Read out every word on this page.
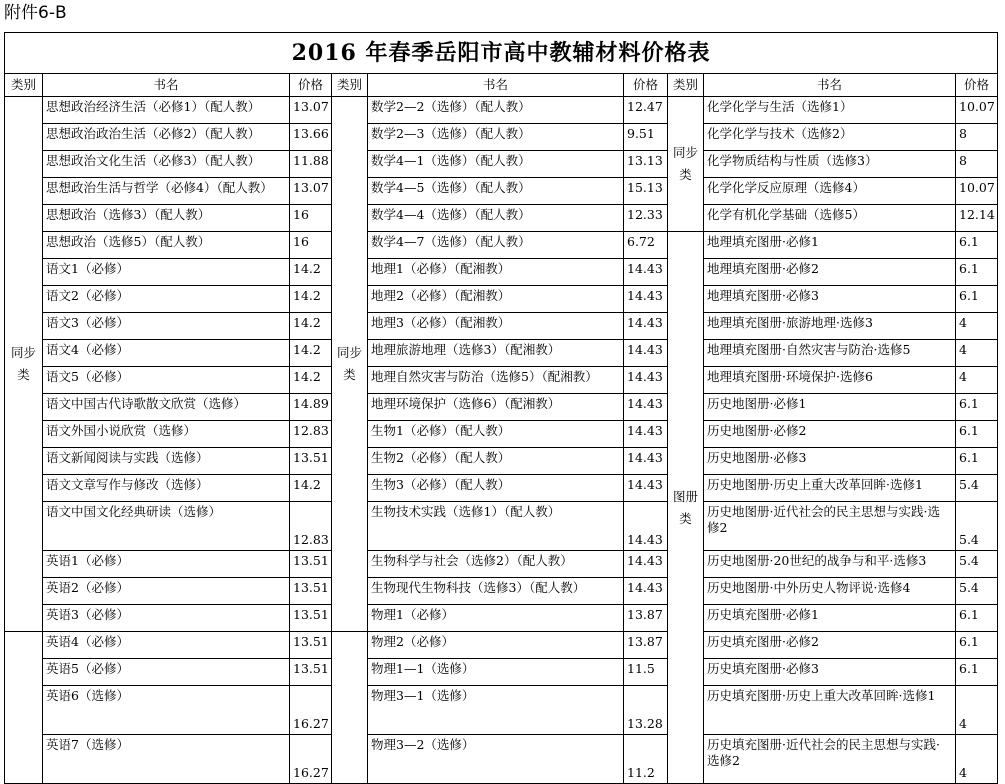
附件6-B
2016 年春季岳阳市高中教辅材料价格表								
类别	书名	价格	类别	书名	价格	类别	书名	价格
同步类	思想政治经济生活（必修1）（配人教）	13.07	同步类	数学2—2（选修）（配人教）	12.47	同步类	化学化学与生活（选修1）	10.07
	思想政治政治生活（必修2）（配人教）	13.66		数学2—3（选修）（配人教）	9.51		化学化学与技术（选修2）	8
	思想政治文化生活（必修3）（配人教）	11.88		数学4—1（选修）（配人教）	13.13		化学物质结构与性质（选修3）	8
	思想政治生活与哲学（必修4）（配人教）	13.07		数学4—5（选修）（配人教）	15.13		化学化学反应原理（选修4）	10.07
	思想政治（选修3）（配人教）	16		数学4—4（选修）（配人教）	12.33		化学有机化学基础（选修5）	12.14
	思想政治（选修5）（配人教）	16		数学4—7（选修）（配人教）	6.72	图册类	地理填充图册·必修1	6.1
	语文1（必修）	14.2		地理1（必修）（配湘教）	14.43		地理填充图册·必修2	6.1
	语文2（必修）	14.2		地理2（必修）（配湘教）	14.43		地理填充图册·必修3	6.1
	语文3（必修）	14.2		地理3（必修）（配湘教）	14.43		地理填充图册·旅游地理·选修3	4
	语文4（必修）	14.2		地理旅游地理（选修3）（配湘教）	14.43		地理填充图册·自然灾害与防治·选修5	4
	语文5（必修）	14.2		地理自然灾害与防治（选修5）（配湘教）	14.43		地理填充图册·环境保护·选修6	4
	语文中国古代诗歌散文欣赏（选修）	14.89		地理环境保护（选修6）（配湘教）	14.43		历史地图册·必修1	6.1
	语文外国小说欣赏（选修）	12.83		生物1（必修）（配人教）	14.43		历史地图册·必修2	6.1
	语文新闻阅读与实践（选修）	13.51		生物2（必修）（配人教）	14.43		历史地图册·必修3	6.1
	语文文章写作与修改（选修）	14.2		生物3（必修）（配人教）	14.43		历史地图册·历史上重大改革回眸·选修1	5.4
	语文中国文化经典研读（选修）	12.83		生物技术实践（选修1）（配人教）	14.43		历史地图册·近代社会的民主思想与实践·选修2	5.4
	英语1（必修）	13.51		生物科学与社会（选修2）（配人教）	14.43		历史地图册·20世纪的战争与和平·选修3	5.4
	英语2（必修）	13.51		生物现代生物科技（选修3）（配人教）	14.43		历史地图册·中外历史人物评说·选修4	5.4
	英语3（必修）	13.51		物理1（必修）	13.87		历史填充图册·必修1	6.1
	英语4（必修）	13.51		物理2（必修）	13.87		历史填充图册·必修2	6.1
	英语5（必修）	13.51		物理1—1（选修）	11.5		历史填充图册·必修3	6.1
	英语6（选修）	16.27		物理3—1（选修）	13.28		历史填充图册·历史上重大改革回眸·选修1	4
	英语7（选修）	16.27		物理3—2（选修）	11.2		历史填充图册·近代社会的民主思想与实践·选修2	4
